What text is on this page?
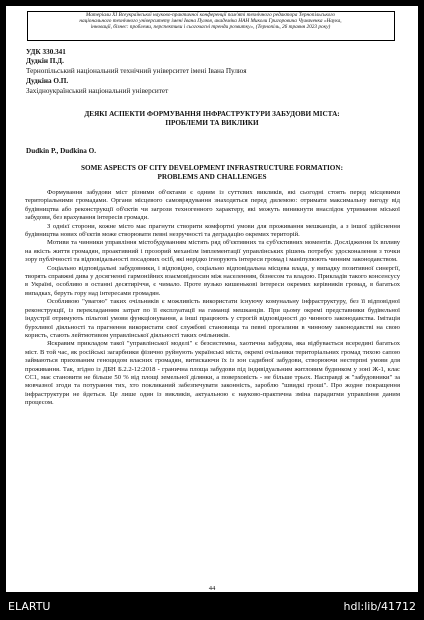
Матеріали XI Всеукраїнської науково-практичної конференції пам'яті технічного редактора Тернопільського
національного технічного університету імені Івана Пулюя, академіка НАН Миколи Григоровича Чумаченка «Наука,
інновації, бізнес: проблеми, перспективи і сьогочасні тренди розвитку», (Тернопіль, 26 травня 2023 року)
УДК 330.341
Дудкін П.Д.
Тернопільський національний технічний університет імені Івана Пулюя
Дудкіна О.П.
Західноукраїнський національний університет
ДЕЯКІ АСПЕКТИ ФОРМУВАННЯ ІНФРАСТРУКТУРИ ЗАБУДОВИ МІСТА:
ПРОБЛЕМИ ТА ВИКЛИКИ
Dudkin P., Dudkina O.
SOME ASPECTS OF CITY DEVELOPMENT INFRASTRUCTURE FORMATION:
PROBLEMS AND CHALLENGES

Формування забудови міст різними об'єктами є одним із суттєвих викликів, які сьогодні стоять перед місцевими територіальними громадами. Органи місцевого самоврядування знаходяться перед дилемою: отримати максимальну вигоду від будівництва або реконструкції об'єктів чи загрози техногенного характеру, які можуть виникнути внаслідок утримання міської забудови, без врахування інтересів громади.

З однієї сторони, кожне місто має прагнути створити комфортні умови для проживання мешканців, а з іншої здійснення будівництва нових об'єктів може створювати певні незручності та деградацію окремих територій.

Мотиви та чинники управління містобудуванням містять ряд об'єктивних та суб'єктивних моментів. Дослідження їх впливу на якість життя громадян, проактивний і прозорий механізм імплементації управлінських рішень потребує удосконалення з точки зору публічності та відповідальності посадових осіб, які нерідко ігнорують інтереси громад і маніпулюють чинним законодавством.

Соціально відповідальні забудовники, і відповідно, соціально відповідальна місцева влада, у випадку позитивної синергії, творять справжні дива у досягненні гармонійних взаємовідносин між населенням, бізнесом та владою. Прикладів такого консенсусу в Україні, особливо в останні десятиріччя, є чимало. Проте вузько кишенькові інтереси окремих керівників громад, в багатьох випадках, беруть гору над інтересами громадян.

Особливою "увагою" таких очільників є можливість використати існуючу комунальну інфраструктуру, без її відповідної реконструкції, із перекладанням затрат по її експлуатації на гаманці мешканців. При цьому окремі представники будівельної індустрії отримують пільгові умови функціонування, а інші працюють у строгій відповідності до чинного законодавства. Імітація бурхливої діяльності та прагнення використати свої службові становища та певні прогалини в чинному законодавстві на свою користь, стають лейтмотивом управлінської діяльності таких очільників.

Яскравим прикладом такої "управлінської моделі" є безсистемна, хаотична забудова, яка відбувається всередині багатьох міст. В той час, як російські загарбники фізично руйнують українські міста, окремі очільники територіальних громад тихою сапою займаються прихованим геноцидом власних громадян, витискаючи їх із зон садибної забудови, створюючи нестерпні умови для проживання. Так, згідно із ДБН Б.2.2-12:2018 - гранична площа забудови під індивідуальним житловим будинком у зоні Ж-1, клас СС1, має становити не більше 50 % від площі земельної ділянки, а поверховість - не більше трьох. Насправді ж "забудовники" за мовчазної згоди та потурання тих, хто покликаний забезпечувати законність, зароблю "швидкі гроші". Про жодне покращення інфраструктури не йдеться. Це лише один із викликів, актуальною є науково-практична зміна парадигми управління даним процесом.

44
ELARTU	hdl:lib/41712
